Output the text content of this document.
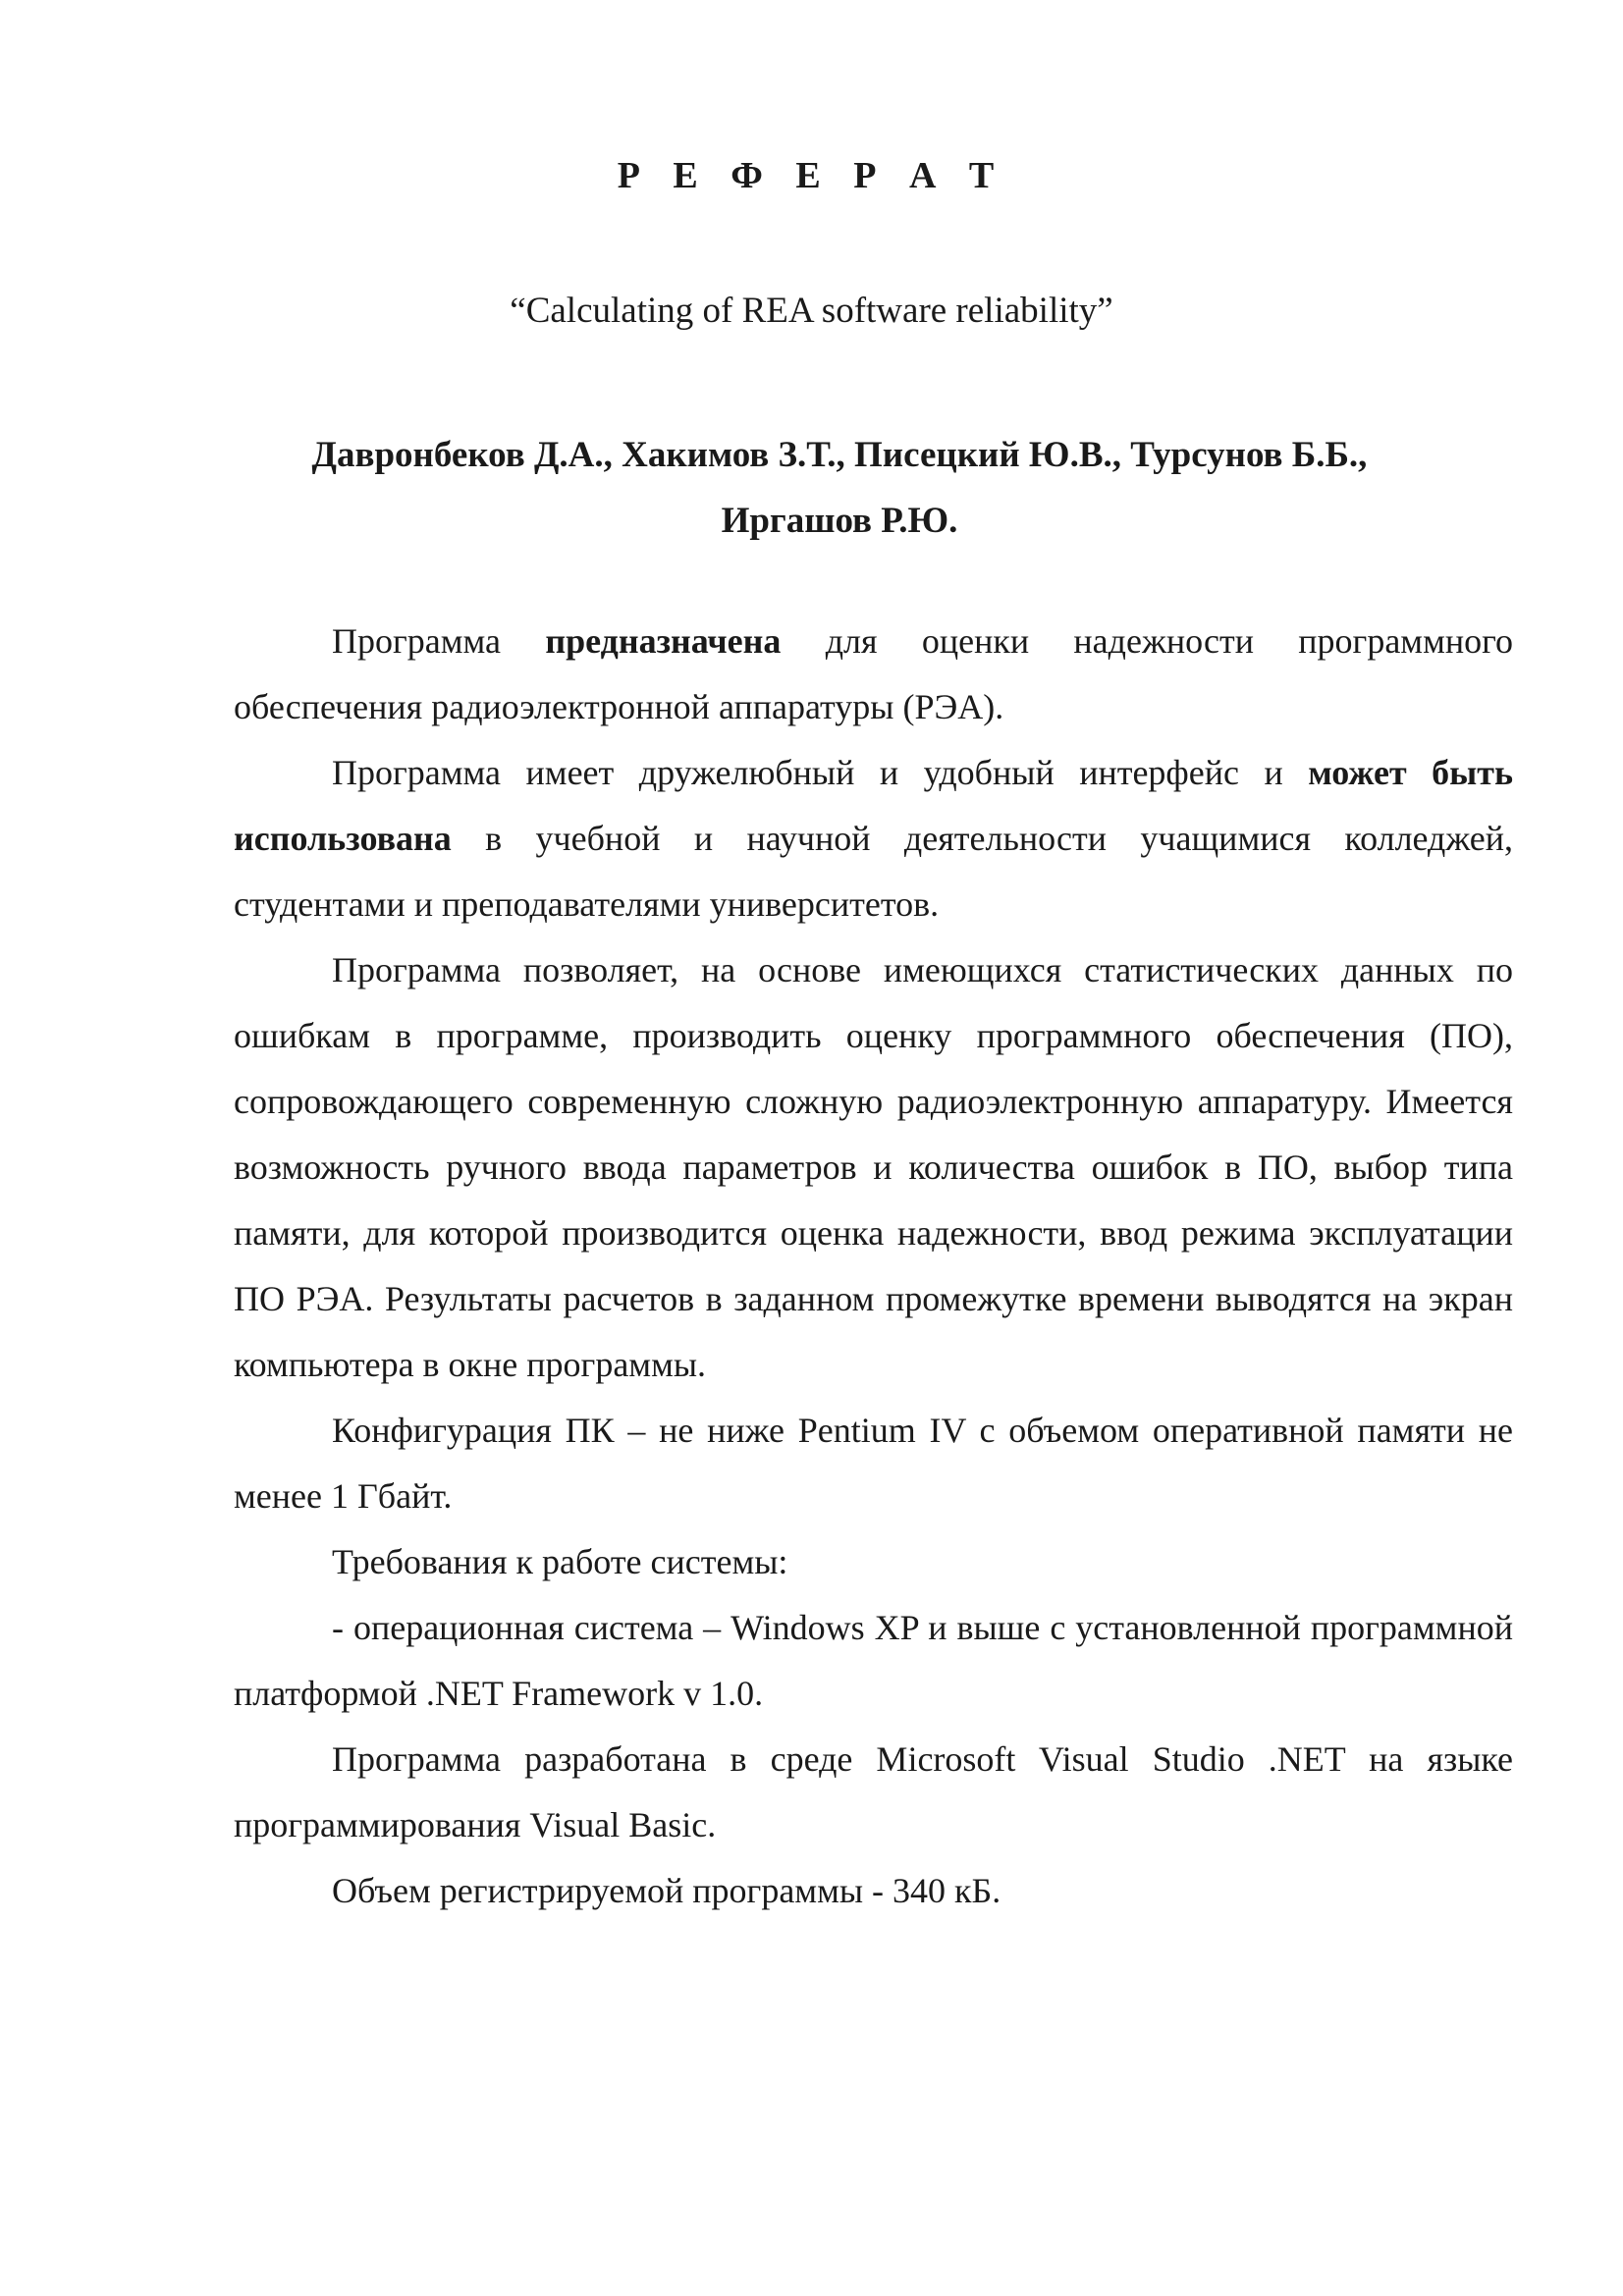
Р Е Ф Е Р А Т
“Calculating of REA software reliability”
Давронбеков Д.А., Хакимов З.Т., Писецкий Ю.В., Турсунов Б.Б., Иргашов Р.Ю.

Программа предназначена для оценки надежности программного обеспечения радиоэлектронной аппаратуры (РЭА).

Программа имеет дружелюбный и удобный интерфейс и может быть использована в учебной и научной деятельности учащимися колледжей, студентами и преподавателями университетов.

Программа позволяет, на основе имеющихся статистических данных по ошибкам в программе, производить оценку программного обеспечения (ПО), сопровождающего современную сложную радиоэлектронную аппаратуру. Имеется возможность ручного ввода параметров и количества ошибок в ПО, выбор типа памяти, для которой производится оценка надежности, ввод режима эксплуатации ПО РЭА. Результаты расчетов в заданном промежутке времени выводятся на экран компьютера в окне программы.

Конфигурация ПК – не ниже Pentium IV с объемом оперативной памяти не менее 1 Гбайт.

Требования к работе системы:

- операционная система – Windows XP и выше с установленной программной платформой .NET Framework v 1.0.

Программа разработана в среде Microsoft Visual Studio .NET на языке программирования Visual Basic.

Объем регистрируемой программы - 340 кБ.
